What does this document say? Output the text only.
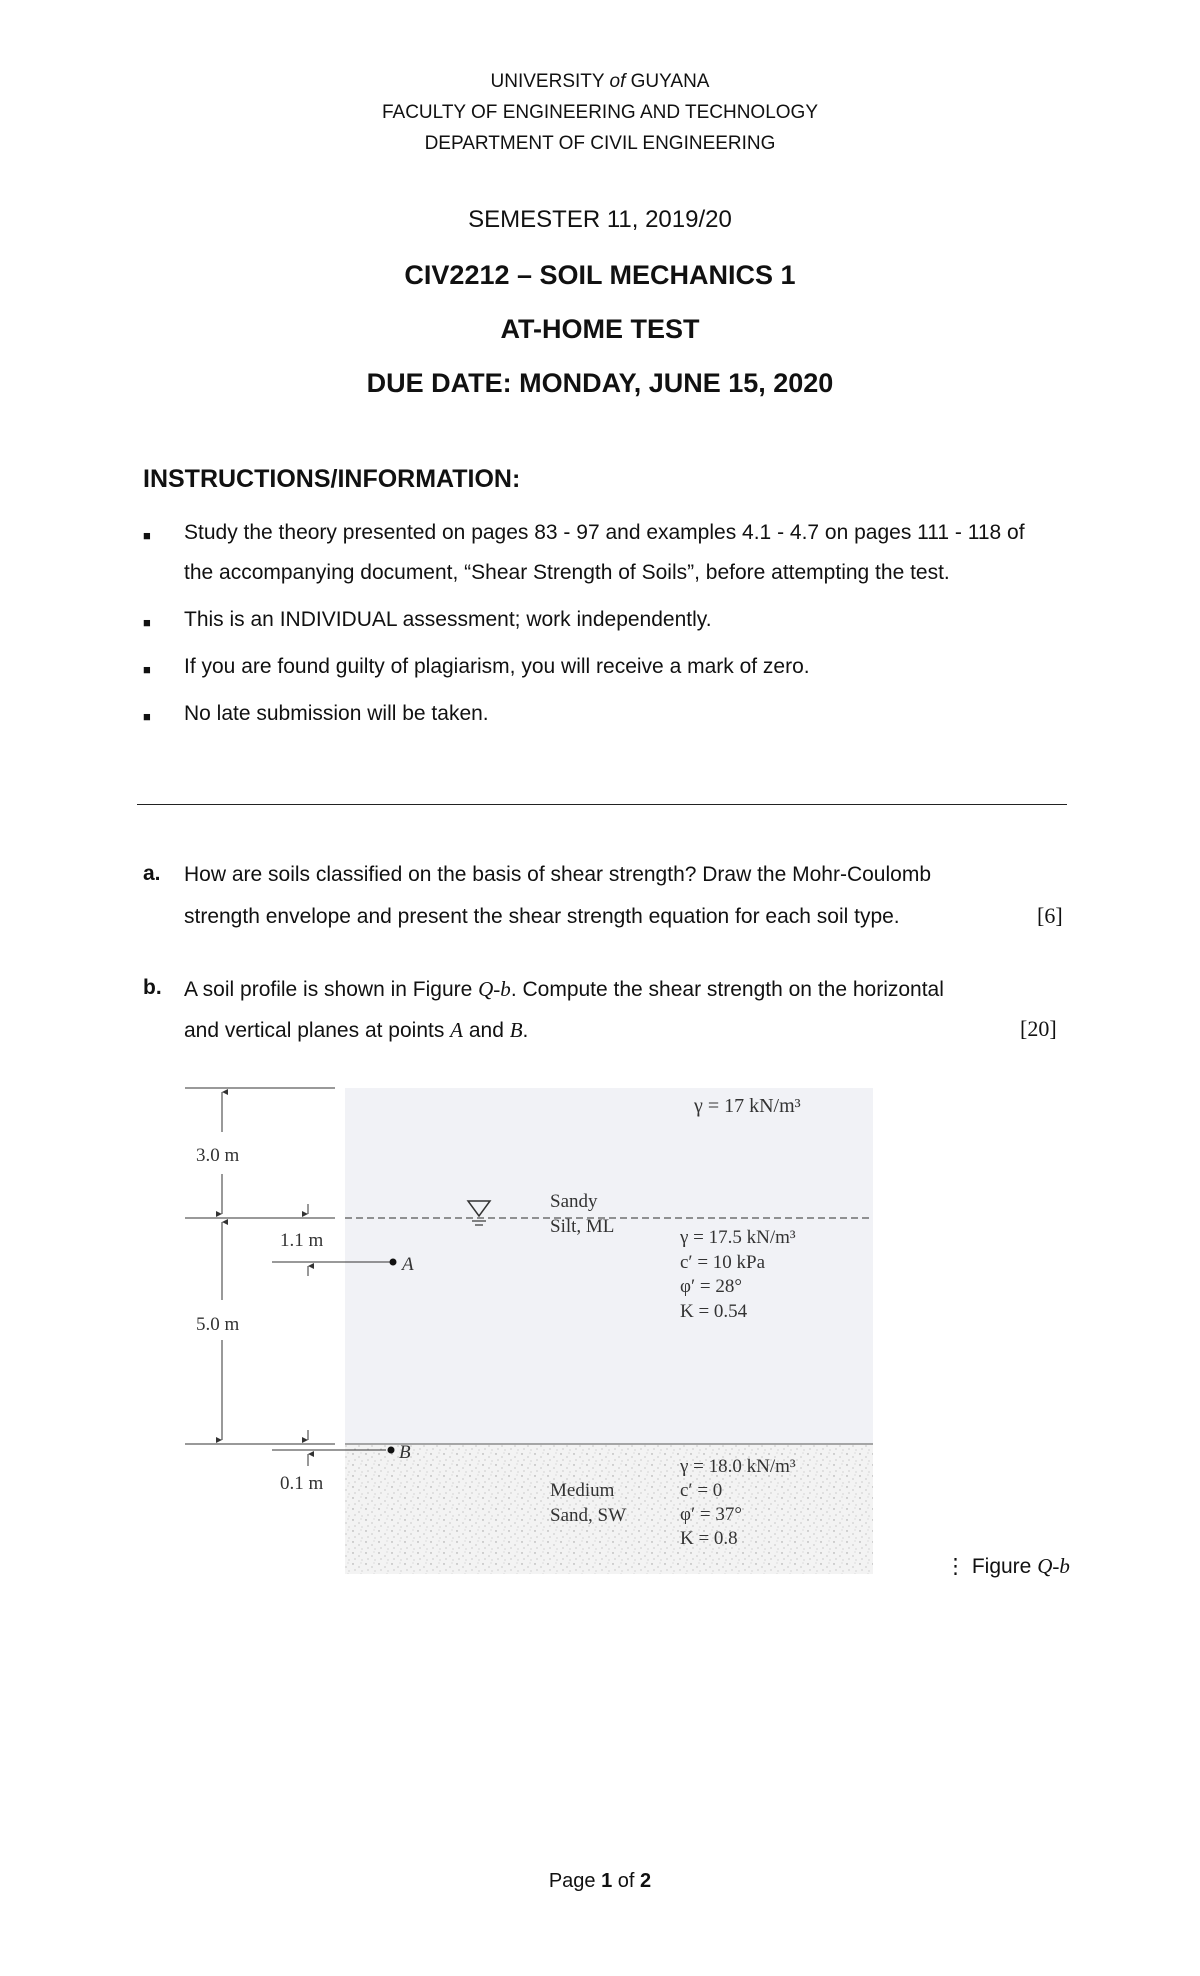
UNIVERSITY of GUYANA
FACULTY OF ENGINEERING AND TECHNOLOGY
DEPARTMENT OF CIVIL ENGINEERING
SEMESTER 11, 2019/20
CIV2212 – SOIL MECHANICS 1
AT-HOME TEST
DUE DATE: MONDAY, JUNE 15, 2020
INSTRUCTIONS/INFORMATION:
■ Study the theory presented on pages 83 - 97 and examples 4.1 - 4.7 on pages 111 - 118 of
the accompanying document, “Shear Strength of Soils”, before attempting the test.
■ This is an INDIVIDUAL assessment; work independently.
■ If you are found guilty of plagiarism, you will receive a mark of zero.
■ No late submission will be taken.
a. How are soils classified on the basis of shear strength? Draw the Mohr-Coulomb
strength envelope and present the shear strength equation for each soil type.	[6]
b. A soil profile is shown in Figure Q-b. Compute the shear strength on the horizontal
and vertical planes at points A and B.	[20]
3.0 m
5.0 m
1.1 m
0.1 m
A
B
γ = 17 kN/m³
Sandy
Silt, ML
γ = 17.5 kN/m³
c′ = 10 kPa
φ′ = 28°
K = 0.54
Medium
Sand, SW
γ = 18.0 kN/m³
c′ = 0
φ′ = 37°
K = 0.8
⋮ Figure Q-b
Page 1 of 2
